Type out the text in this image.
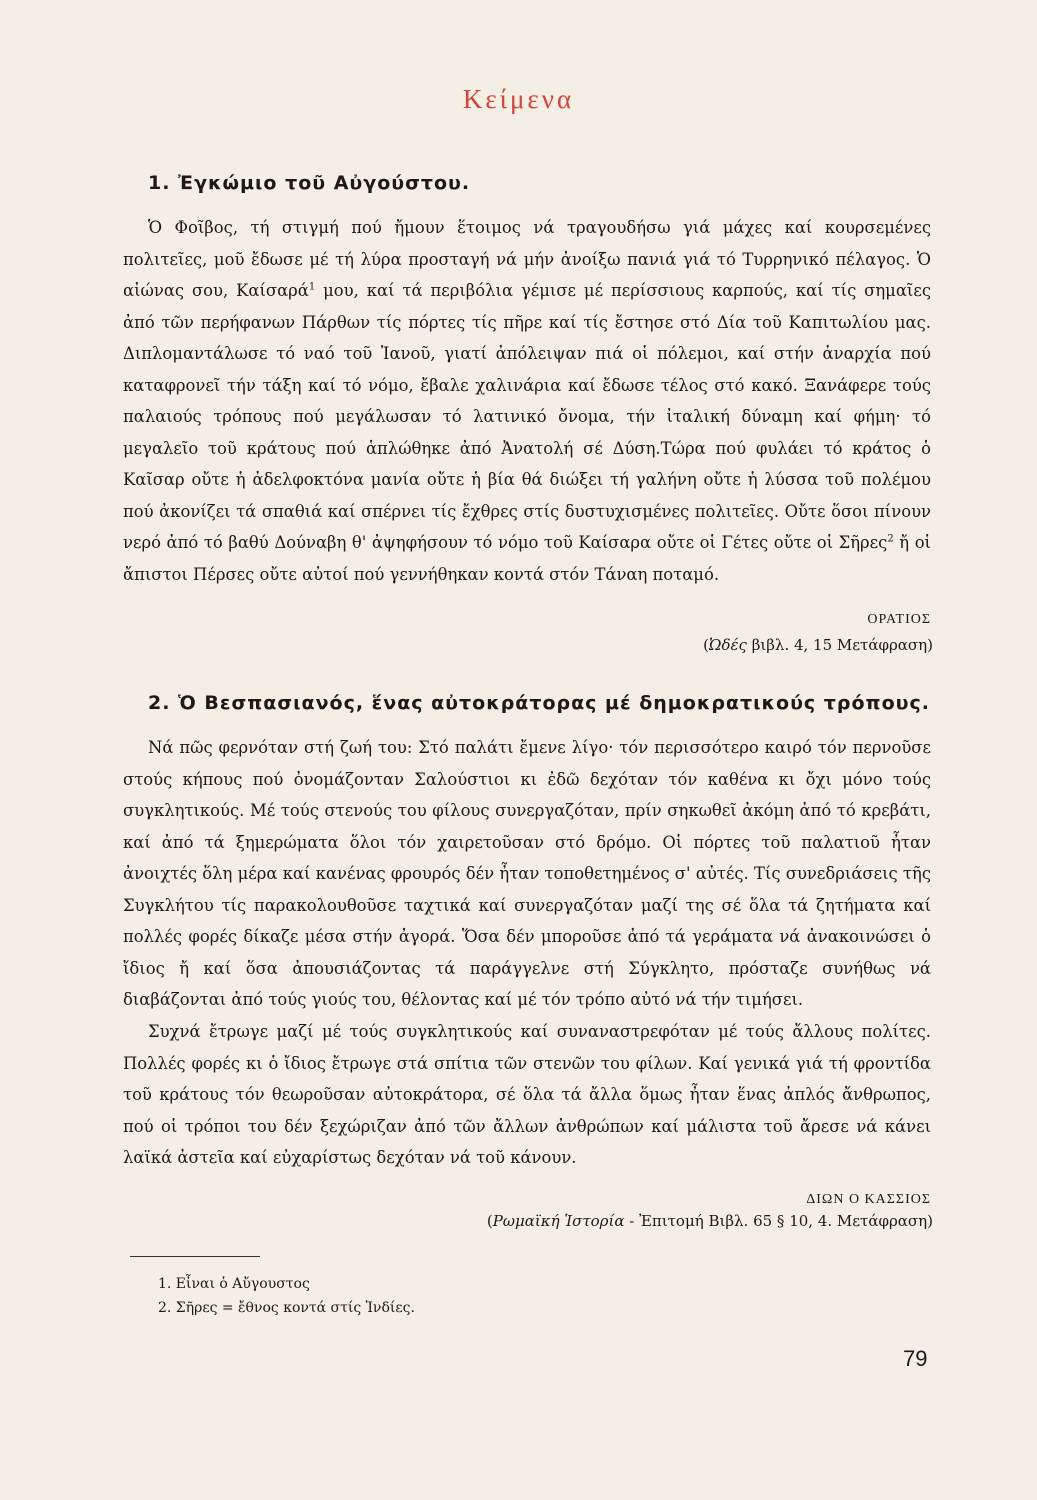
Κείμενα
1. Ἐγκώμιο τοῦ Αὐγούστου.

Ὁ Φοῖβος, τή στιγμή πού ἤμουν ἕτοιμος νά τραγουδήσω γιά μάχες καί κουρσεμένες πολιτεῖες, μοῦ ἔδωσε μέ τή λύρα προσταγή νά μήν ἀνοίξω πανιά γιά τό Τυρρηνικό πέλαγος. Ὁ αἰώνας σου, Καίσαρά$^1$ μου, καί τά περιβόλια γέμισε μέ περίσσιους καρπούς, καί τίς σημαῖες ἀπό τῶν περήφανων Πάρθων τίς πόρτες τίς πῆρε καί τίς ἔστησε στό Δία τοῦ Καπιτωλίου μας. Διπλομαντάλωσε τό ναό τοῦ Ἰανοῦ, γιατί ἀπόλειψαν πιά οἱ πόλεμοι, καί στήν ἀναρχία πού καταφρονεῖ τήν τάξη καί τό νόμο, ἔβαλε χαλινάρια καί ἔδωσε τέλος στό κακό. Ξανάφερε τούς παλαιούς τρόπους πού μεγάλωσαν τό λατινικό ὄνομα, τήν ἰταλική δύναμη καί φήμη· τό μεγαλεῖο τοῦ κράτους πού ἁπλώθηκε ἀπό Ἀνατολή σέ Δύση.Τώρα πού φυλάει τό κράτος ὁ Καῖσαρ οὔτε ἡ ἀδελφοκτόνα μανία οὔτε ἡ βία θά διώξει τή γαλήνη οὔτε ἡ λύσσα τοῦ πολέμου πού ἀκονίζει τά σπαθιά καί σπέρνει τίς ἔχθρες στίς δυστυχισμένες πολιτεῖες. Οὔτε ὅσοι πίνουν νερό ἀπό τό βαθύ Δούναβη θ' ἀψηφήσουν τό νόμο τοῦ Καίσαρα οὔτε οἱ Γέτες οὔτε οἱ Σῆρες$^2$ ἤ οἱ ἄπιστοι Πέρσες οὔτε αὐτοί πού γεννήθηκαν κοντά στόν Τάναη ποταμό.

ΟΡΑΤΙΟΣ
(Ὠδές βιβλ. 4, 15 Μετάφραση)
2. Ὁ Βεσπασιανός, ἕνας αὐτοκράτορας μέ δημοκρατικούς τρόπους.

Νά πῶς φερνόταν στή ζωή του: Στό παλάτι ἔμενε λίγο· τόν περισσότερο καιρό τόν περνοῦσε στούς κήπους πού ὀνομάζονταν Σαλούστιοι κι ἐδῶ δεχόταν τόν καθένα κι ὄχι μόνο τούς συγκλητικούς. Μέ τούς στενούς του φίλους συνεργαζόταν, πρίν σηκωθεῖ ἀκόμη ἀπό τό κρεβάτι, καί ἀπό τά ξημερώματα ὅλοι τόν χαιρετοῦσαν στό δρόμο. Οἱ πόρτες τοῦ παλατιοῦ ἦταν ἀνοιχτές ὅλη μέρα καί κανένας φρουρός δέν ἦταν τοποθετημένος σ' αὐτές. Τίς συνεδριάσεις τῆς Συγκλήτου τίς παρακολουθοῦσε ταχτικά καί συνεργαζόταν μαζί της σέ ὅλα τά ζητήματα καί πολλές φορές δίκαζε μέσα στήν ἀγορά. Ὅσα δέν μποροῦσε ἀπό τά γεράματα νά ἀνακοινώσει ὁ ἴδιος ἤ καί ὅσα ἀπουσιάζοντας τά παράγγελνε στή Σύγκλητο, πρόσταζε συνήθως νά διαβάζονται ἀπό τούς γιούς του, θέλοντας καί μέ τόν τρόπο αὐτό νά τήν τιμήσει.

Συχνά ἔτρωγε μαζί μέ τούς συγκλητικούς καί συναναστρεφόταν μέ τούς ἄλλους πολίτες. Πολλές φορές κι ὁ ἴδιος ἔτρωγε στά σπίτια τῶν στενῶν του φίλων. Καί γενικά γιά τή φροντίδα τοῦ κράτους τόν θεωροῦσαν αὐτοκράτορα, σέ ὅλα τά ἄλλα ὅμως ἦταν ἕνας ἁπλός ἄνθρωπος, πού οἱ τρόποι του δέν ξεχώριζαν ἀπό τῶν ἄλλων ἀνθρώπων καί μάλιστα τοῦ ἄρεσε νά κάνει λαϊκά ἀστεῖα καί εὐχαρίστως δεχόταν νά τοῦ κάνουν.

ΔΙΩΝ Ο ΚΑΣΣΙΟΣ
(Ρωμαϊκή Ἱστορία - Ἐπιτομή Βιβλ. 65 § 10, 4. Μετάφραση)
1. Εἶναι ὁ Αὔγουστος
2. Σῆρες = ἔθνος κοντά στίς Ἰνδίες.
79
